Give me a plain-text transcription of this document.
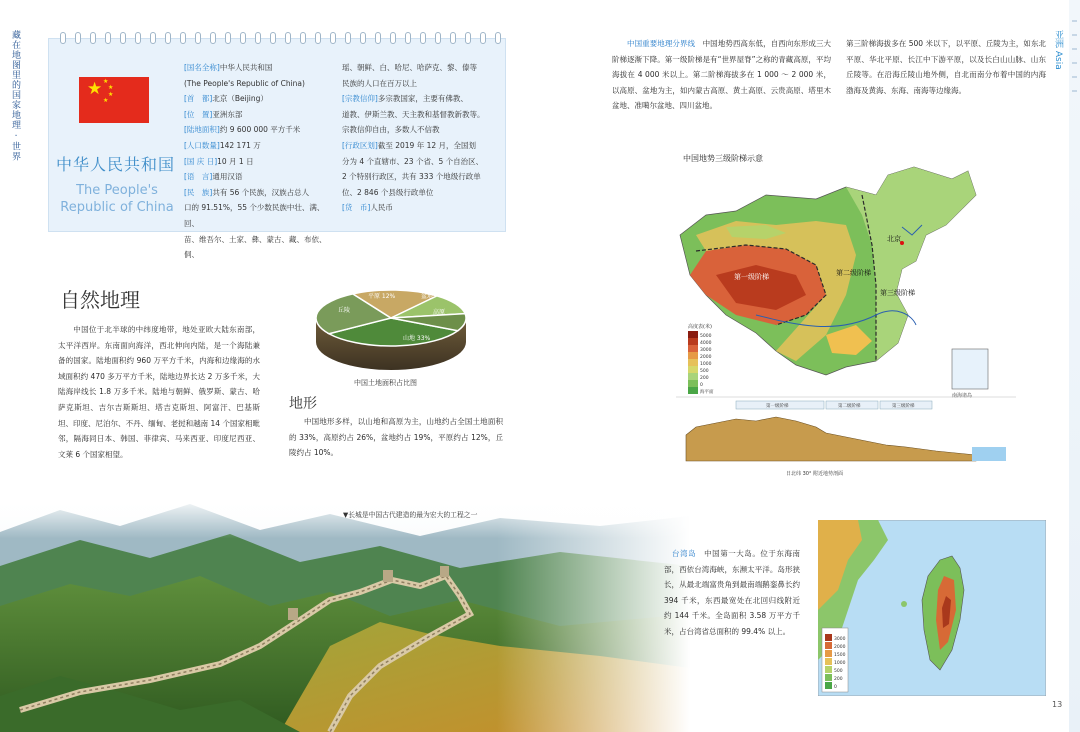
藏在地图里的国家地理 · 世界	亚洲 Asia
13
★ ★
★
★
★
中华人民共和国
The People's Republic of China
[国名全称]中华人民共和国
(The People's Republic of China)
[首　都]北京（Beijing）
[位　置]亚洲东部
[陆地面积]约 9 600 000 平方千米
[人口数量]142 171 万
[国 庆 日]10 月 1 日
[语　言]通用汉语
[民　族]共有 56 个民族，汉族占总人
口的 91.51%，55 个少数民族中壮、满、回、
苗、维吾尔、土家、彝、蒙古、藏、布依、侗、
瑶、朝鲜、白、哈尼、哈萨克、黎、傣等
民族的人口在百万以上
[宗教信仰]多宗教国家，主要有佛教、
道教、伊斯兰教、天主教和基督教新教等。
宗教信仰自由，多数人不信教
[行政区划]截至 2019 年 12 月，全国划
分为 4 个直辖市、23 个省、5 个自治区、
2 个特别行政区，共有 333 个地级行政单
位、2 846 个县级行政单位
[货　币]人民币
自然地理
中国位于北半球的中纬度地带，地处亚欧大陆东南部，太平洋西岸。东南面向海洋，西北伸向内陆，是一个海陆兼备的国家。陆地面积约 960 万平方千米，内海和边缘海的水域面积约 470 多万平方千米，陆地边界长达 2 万多千米，大陆海岸线长 1.8 万多千米。陆地与朝鲜、俄罗斯、蒙古、哈萨克斯坦、吉尔吉斯斯坦、塔吉克斯坦、阿富汗、巴基斯坦、印度、尼泊尔、不丹、缅甸、老挝和越南 14 个国家相毗邻，隔海同日本、韩国、菲律宾、马来西亚、印度尼西亚、文莱 6 个国家相望。
平原 12%	盆地
高原
丘陵
山地 33%
中国土地面积占比图
地形
中国地形多样，以山地和高原为主，山地约占全国土地面积的 33%，高原约占 26%，盆地约占 19%，平原约占 12%，丘陵约占 10%。
▼长城是中国古代建造的最为宏大的工程之一
中国重要地理分界线　 中国地势西高东低，自西向东形成三大阶梯逐渐下降。第一级阶梯是有“世界屋脊”之称的青藏高原，平均海拔在 4 000 米以上。第二阶梯海拔多在 1 000 ～ 2 000 米，以高原、盆地为主，如内蒙古高原、黄土高原、云贵高原、塔里木盆地、准噶尔盆地、四川盆地。
第三阶梯海拔多在 500 米以下，以平原、丘陵为主，如东北平原、华北平原、长江中下游平原，以及长白山山脉、山东丘陵等。在沿海丘陵山地外侧，自北而南分布着中国的内海渤海及黄海、东海、南海等边缘海。
中国地势三级阶梯示意
北京
第一级阶梯	第二级阶梯
第三级阶梯
高度表(米)
5000
4000
3000
2000
1000
500
200
0
海平面
南海诸岛
第一级阶梯	第二级阶梯	第三级阶梯
日北纬 30° 附近地势剖面
台湾岛　 中国第一大岛。位于东海南部，西依台湾海峡，东濒太平洋。岛形狭长，从最北端富贵角到最南端鹅銮鼻长约 394 千米，东西最宽处在北回归线附近约 144 千米。全岛面积 3.58 万平方千米，占台湾省总面积的 99.4% 以上。
3000
2000
1500
1000
500
200
0
